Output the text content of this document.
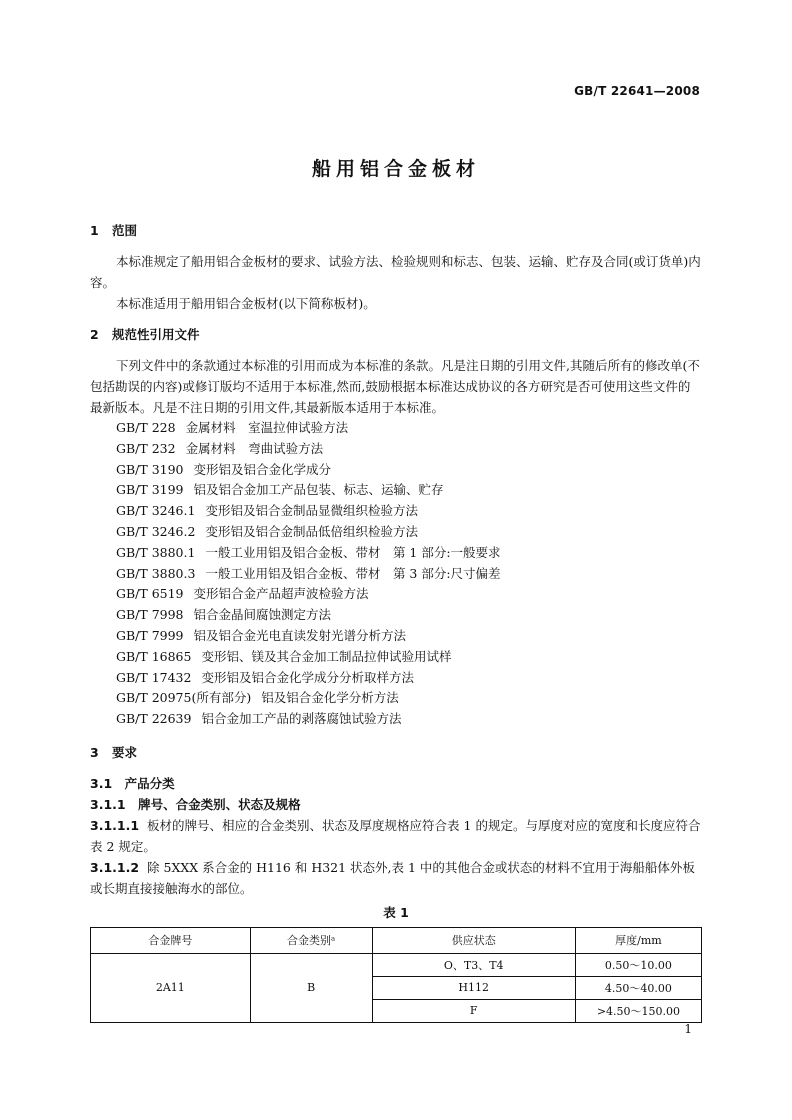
GB/T 22641—2008
船用铝合金板材
1 范围

本标准规定了船用铝合金板材的要求、试验方法、检验规则和标志、包装、运输、贮存及合同(或订货单)内容。

本标准适用于船用铝合金板材(以下简称板材)。

2 规范性引用文件

下列文件中的条款通过本标准的引用而成为本标准的条款。凡是注日期的引用文件,其随后所有的修改单(不包括勘误的内容)或修订版均不适用于本标准,然而,鼓励根据本标准达成协议的各方研究是否可使用这些文件的最新版本。凡是不注日期的引用文件,其最新版本适用于本标准。

GB/T 228 金属材料　室温拉伸试验方法
GB/T 232 金属材料　弯曲试验方法
GB/T 3190 变形铝及铝合金化学成分
GB/T 3199 铝及铝合金加工产品包装、标志、运输、贮存
GB/T 3246.1 变形铝及铝合金制品显微组织检验方法
GB/T 3246.2 变形铝及铝合金制品低倍组织检验方法
GB/T 3880.1 一般工业用铝及铝合金板、带材　第 1 部分:一般要求
GB/T 3880.3 一般工业用铝及铝合金板、带材　第 3 部分:尺寸偏差
GB/T 6519 变形铝合金产品超声波检验方法
GB/T 7998 铝合金晶间腐蚀测定方法
GB/T 7999 铝及铝合金光电直读发射光谱分析方法
GB/T 16865 变形铝、镁及其合金加工制品拉伸试验用试样
GB/T 17432 变形铝及铝合金化学成分分析取样方法
GB/T 20975(所有部分) 铝及铝合金化学分析方法
GB/T 22639 铝合金加工产品的剥落腐蚀试验方法
3 要求
3.1　产品分类
3.1.1　牌号、合金类别、状态及规格

3.1.1.1 板材的牌号、相应的合金类别、状态及厚度规格应符合表 1 的规定。与厚度对应的宽度和长度应符合表 2 规定。

3.1.1.2 除 5XXX 系合金的 H116 和 H321 状态外,表 1 中的其他合金或状态的材料不宜用于海船船体外板或长期直接接触海水的部位。

表 1
合金牌号	合金类别ᵃ	供应状态	厚度/mm
2A11	B	O、T3、T4	0.50～10.00
		H112	4.50～40.00
		F	>4.50～150.00
1
